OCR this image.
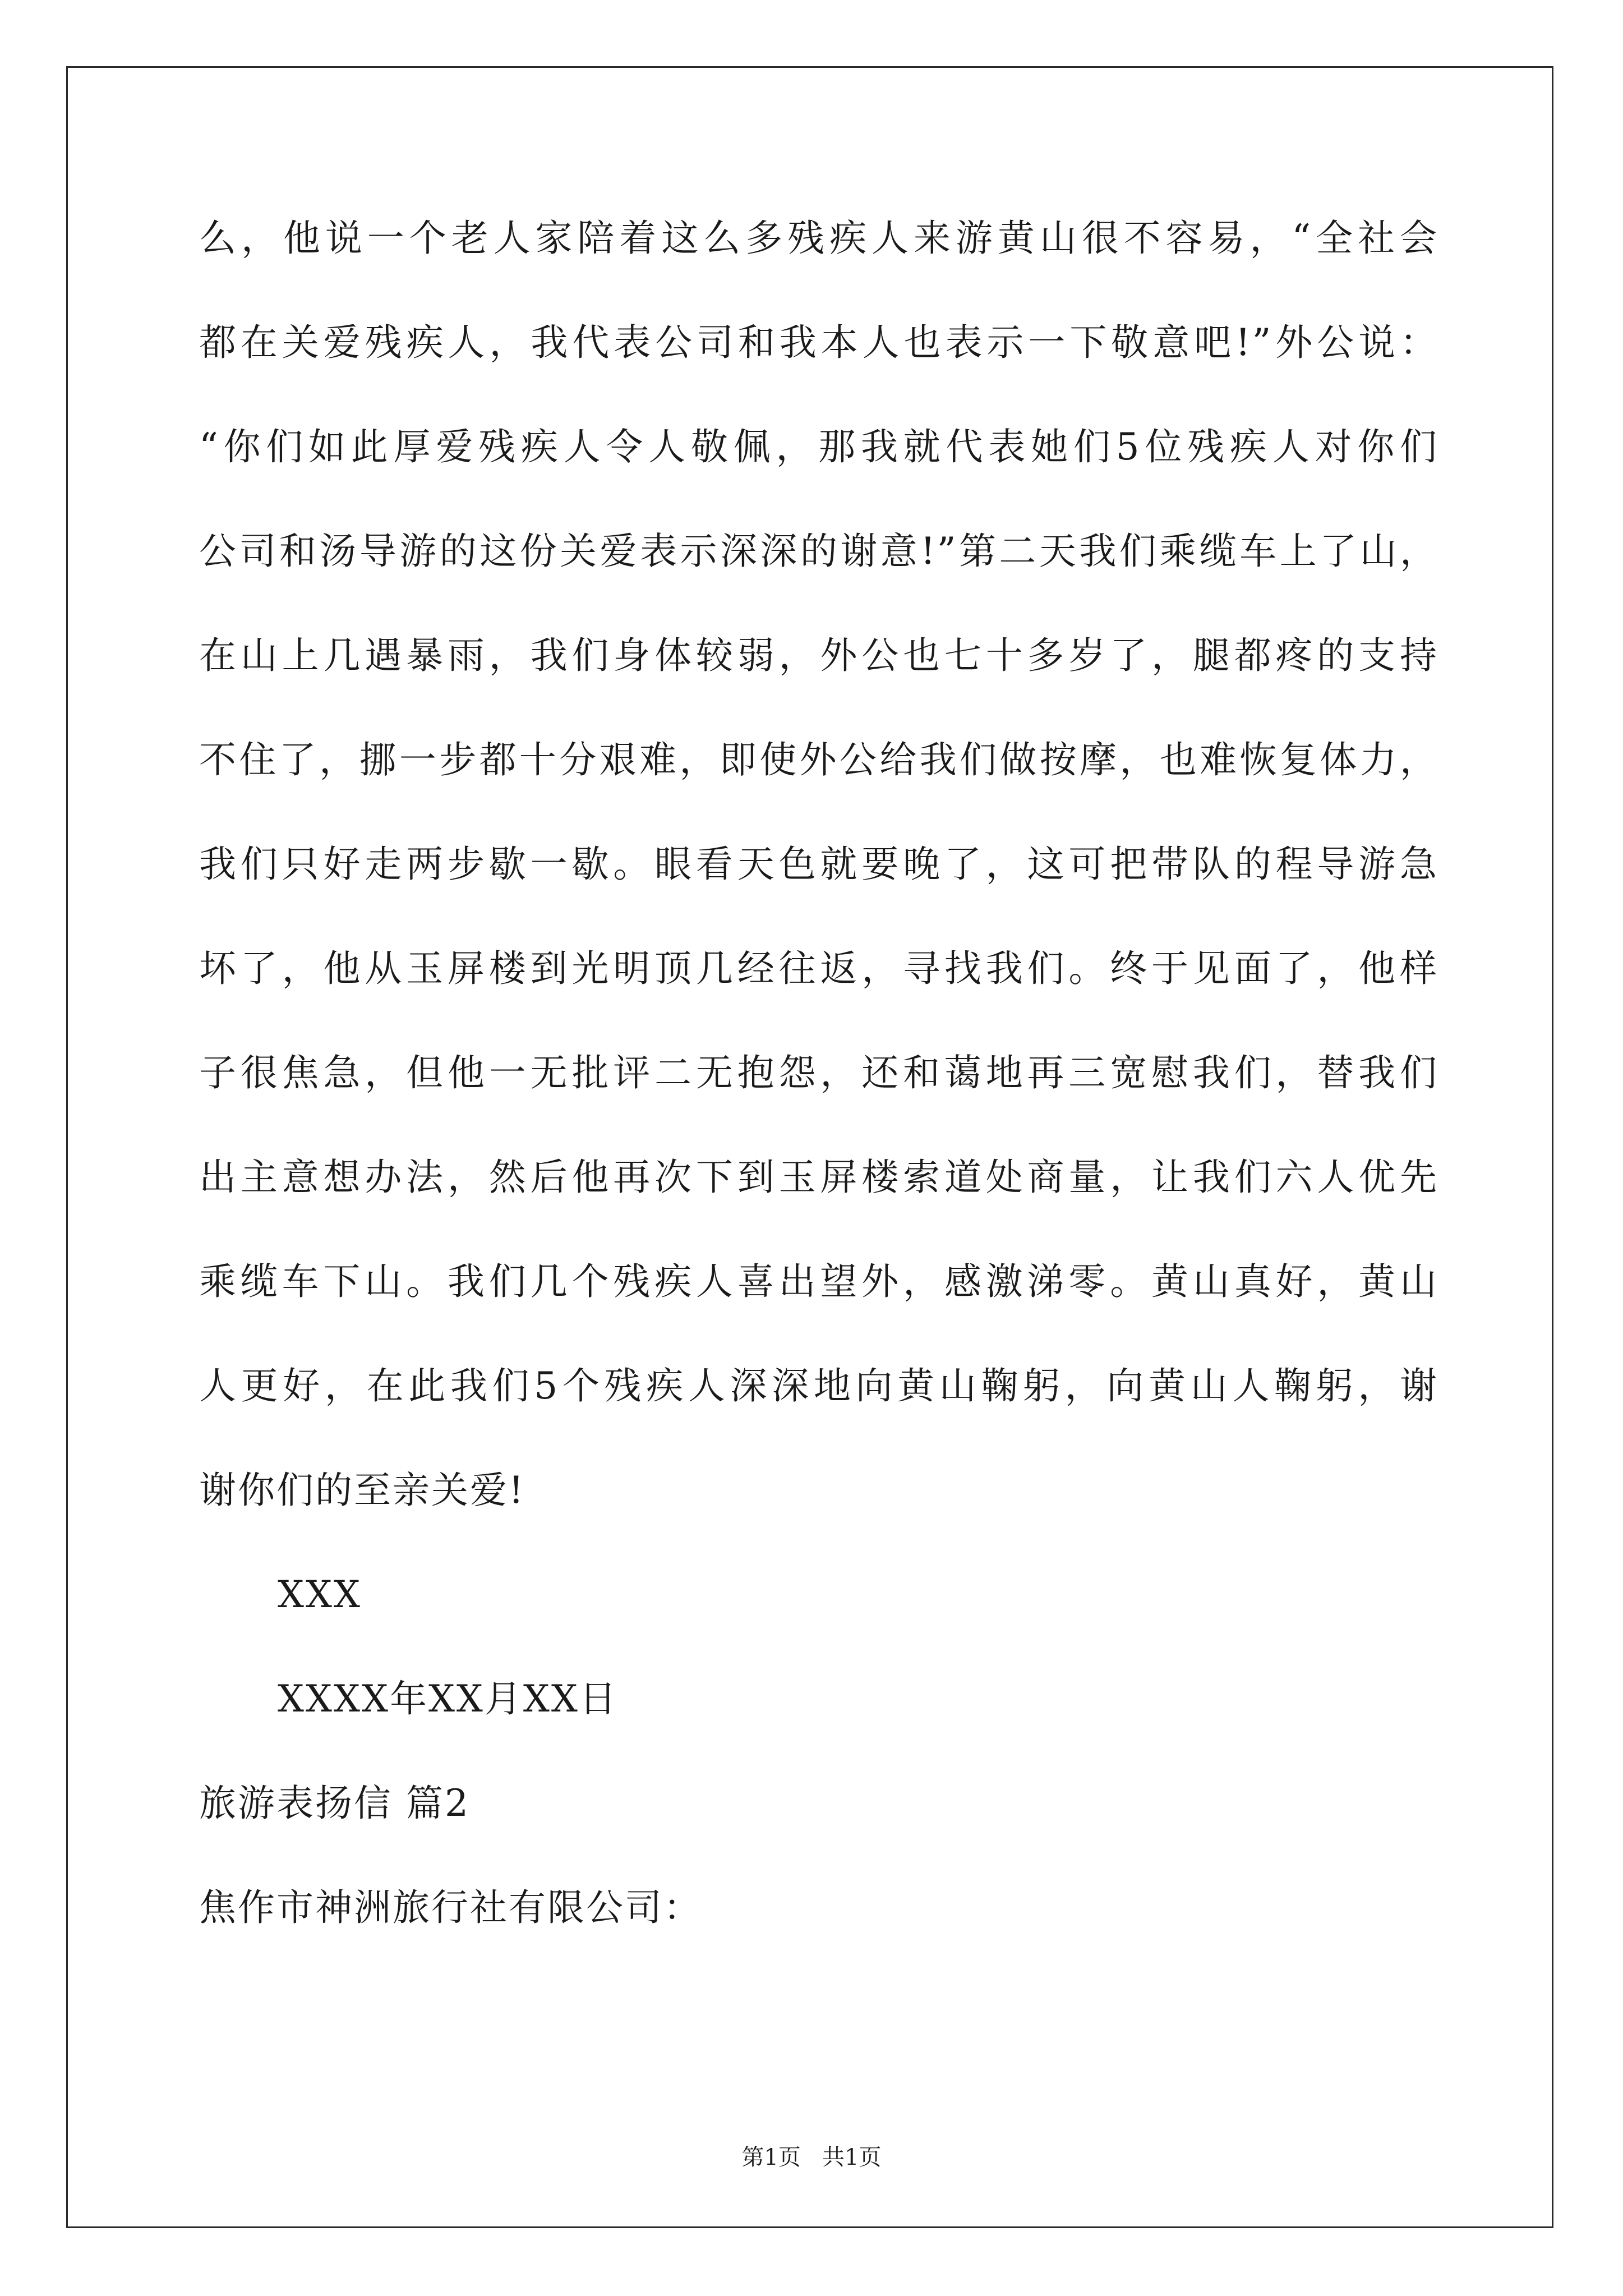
么，他说一个老人家陪着这么多残疾人来游黄山很不容易，“全社会
都在关爱残疾人，我代表公司和我本人也表示一下敬意吧!”外公说：
“你们如此厚爱残疾人令人敬佩，那我就代表她们5位残疾人对你们
公司和汤导游的这份关爱表示深深的谢意!”第二天我们乘缆车上了山，
在山上几遇暴雨，我们身体较弱，外公也七十多岁了，腿都疼的支持
不住了，挪一步都十分艰难，即使外公给我们做按摩，也难恢复体力，
我们只好走两步歇一歇。眼看天色就要晚了，这可把带队的程导游急
坏了，他从玉屏楼到光明顶几经往返，寻找我们。终于见面了，他样
子很焦急，但他一无批评二无抱怨，还和蔼地再三宽慰我们，替我们
出主意想办法，然后他再次下到玉屏楼索道处商量，让我们六人优先
乘缆车下山。我们几个残疾人喜出望外，感激涕零。黄山真好，黄山
人更好，在此我们5个残疾人深深地向黄山鞠躬，向黄山人鞠躬，谢
谢你们的至亲关爱!
XXX
XXXX年XX月XX日
旅游表扬信 篇2
焦作市神洲旅行社有限公司：
第1页   共1页
